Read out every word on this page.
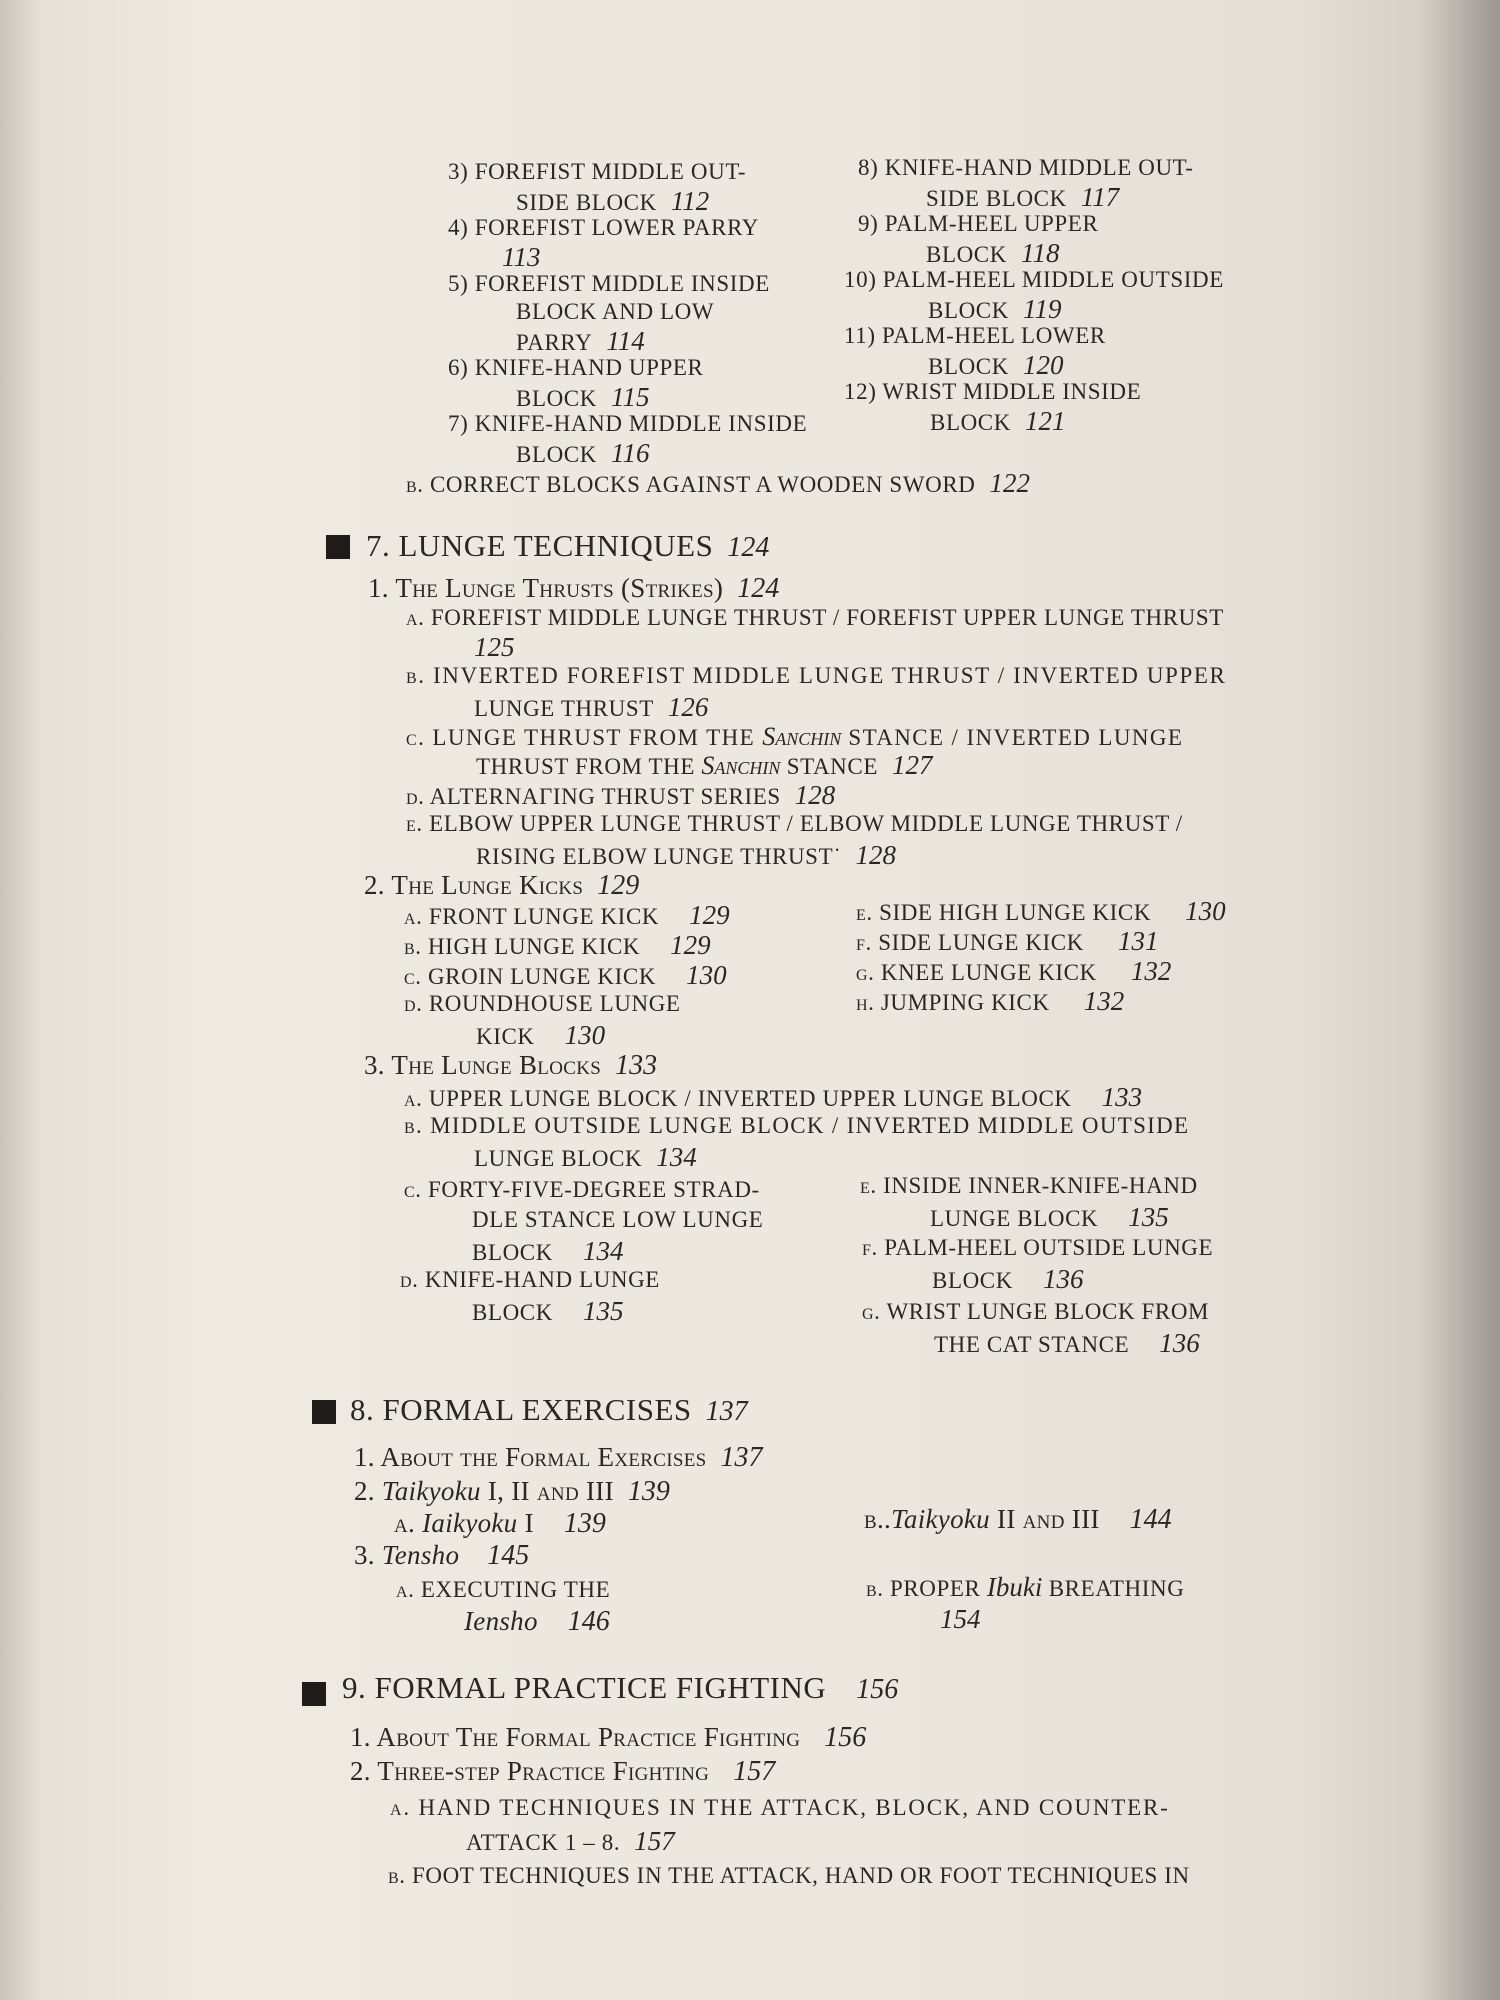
3) FOREFIST MIDDLE OUT-
SIDE BLOCK 112
4) FOREFIST LOWER PARRY
113
5) FOREFIST MIDDLE INSIDE
BLOCK AND LOW
PARRY 114
6) KNIFE-HAND UPPER
BLOCK 115
7) KNIFE-HAND MIDDLE INSIDE
BLOCK 116
8) KNIFE-HAND MIDDLE OUT-
SIDE BLOCK 117
9) PALM-HEEL UPPER
BLOCK 118
10) PALM-HEEL MIDDLE OUTSIDE
BLOCK 119
11) PALM-HEEL LOWER
BLOCK 120
12) WRIST MIDDLE INSIDE
BLOCK 121
b. CORRECT BLOCKS AGAINST A WOODEN SWORD 122
7. LUNGE TECHNIQUES 124
1. The Lunge Thrusts (Strikes) 124
a. FOREFIST MIDDLE LUNGE THRUST / FOREFIST UPPER LUNGE THRUST
125
b. INVERTED FOREFIST MIDDLE LUNGE THRUST / INVERTED UPPER
LUNGE THRUST 126
c. LUNGE THRUST FROM THE Sanchin STANCE / INVERTED LUNGE
THRUST FROM THE Sanchin STANCE 127
d. ALTERNAΓING THRUST SERIES 128
e. ELBOW UPPER LUNGE THRUST / ELBOW MIDDLE LUNGE THRUST /
RISING ELBOW LUNGE THRUST˙ 128
2. The Lunge Kicks 129
a. FRONT LUNGE KICK 129
b. HIGH LUNGE KICK 129
c. GROIN LUNGE KICK 130
d. ROUNDHOUSE LUNGE
KICK 130
e. SIDE HIGH LUNGE KICK 130
f. SIDE LUNGE KICK 131
g. KNEE LUNGE KICK 132
h. JUMPING KICK 132
3. The Lunge Blocks 133
a. UPPER LUNGE BLOCK / INVERTED UPPER LUNGE BLOCK 133
b. MIDDLE OUTSIDE LUNGE BLOCK / INVERTED MIDDLE OUTSIDE
LUNGE BLOCK 134
c. FORTY-FIVE-DEGREE STRAD-
DLE STANCE LOW LUNGE
BLOCK 134
d. KNIFE-HAND LUNGE
BLOCK 135
e. INSIDE INNER-KNIFE-HAND
LUNGE BLOCK 135
f. PALM-HEEL OUTSIDE LUNGE
BLOCK 136
g. WRIST LUNGE BLOCK FROM
THE CAT STANCE 136
8. FORMAL EXERCISES 137
1. About the Formal Exercises 137
2. Taikyoku I, II and III 139
a. Iaikyoku I 139	b..Taikyoku II and III 144
3. Tensho 145
a. EXECUTING THE
Iensho 146
b. PROPER Ibuki BREATHING
154
9. FORMAL PRACTICE FIGHTING 156
1. About The Formal Practice Fighting 156
2. Three-step Practice Fighting 157
a. HAND TECHNIQUES IN THE ATTACK, BLOCK, AND COUNTER-
ATTACK 1 – 8. 157
b. FOOT TECHNIQUES IN THE ATTACK, HAND OR FOOT TECHNIQUES IN
